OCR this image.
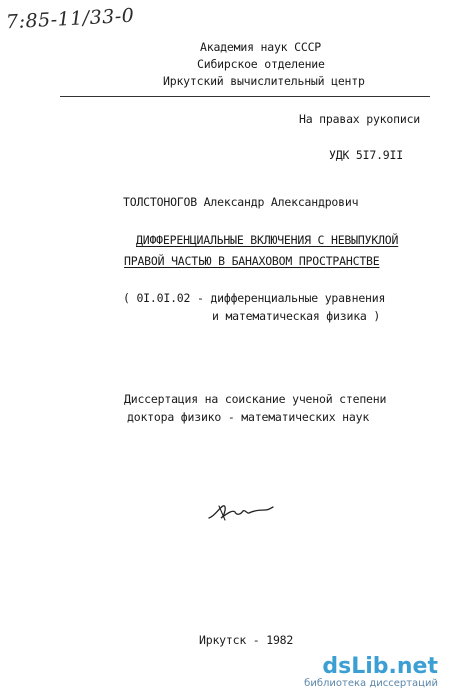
7:85-11/33-0
Академия наук СССР
Сибирское отделение
Иркутский вычислительный центр
На правах рукописи
УДК 5I7.9II
ТОЛСТОНОГОВ Александр Александрович
ДИФФЕРЕНЦИАЛЬНЫЕ ВКЛЮЧЕНИЯ С НЕВЫПУКЛОЙ
ПРАВОЙ ЧАСТЬЮ В БАНАХОВОМ ПРОСТРАНСТВЕ
( 0I.0I.02 - дифференциальные уравнения
и математическая физика )
Диссертация на соискание ученой степени
доктора физико - математических наук
Иркутск - 1982
dsLib.net
библиотека диссертаций
